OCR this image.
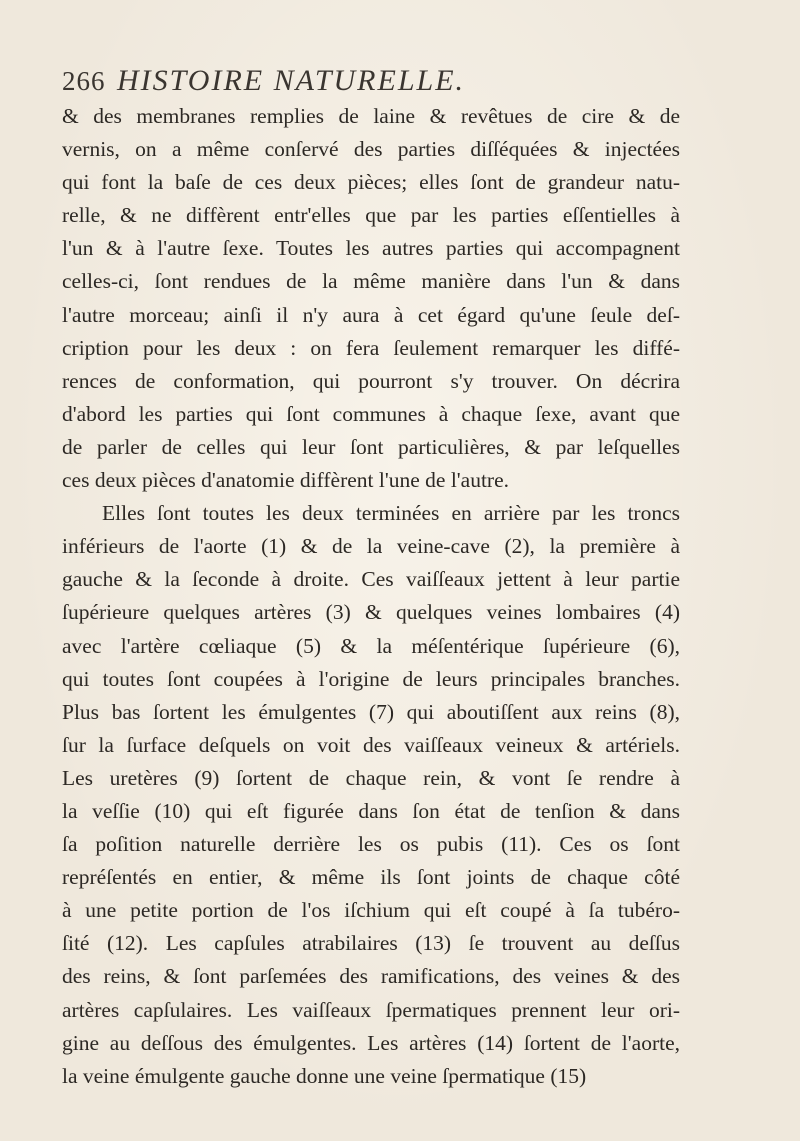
266 HISTOIRE NATURELLE.
& des membranes remplies de laine & revêtues de cire & de
vernis, on a même conſervé des parties diſſéquées & injectées
qui font la baſe de ces deux pièces; elles ſont de grandeur natu-
relle, & ne diffèrent entr'elles que par les parties eſſentielles à
l'un & à l'autre ſexe. Toutes les autres parties qui accompagnent
celles-ci, ſont rendues de la même manière dans l'un & dans
l'autre morceau; ainſi il n'y aura à cet égard qu'une ſeule deſ-
cription pour les deux : on fera ſeulement remarquer les diffé-
rences de conformation, qui pourront s'y trouver. On décrira
d'abord les parties qui ſont communes à chaque ſexe, avant que
de parler de celles qui leur ſont particulières, & par leſquelles
ces deux pièces d'anatomie diffèrent l'une de l'autre.
Elles ſont toutes les deux terminées en arrière par les troncs
inférieurs de l'aorte (1) & de la veine-cave (2), la première à
gauche & la ſeconde à droite. Ces vaiſſeaux jettent à leur partie
ſupérieure quelques artères (3) & quelques veines lombaires (4)
avec l'artère cœliaque (5) & la méſentérique ſupérieure (6),
qui toutes ſont coupées à l'origine de leurs principales branches.
Plus bas ſortent les émulgentes (7) qui aboutiſſent aux reins (8),
ſur la ſurface deſquels on voit des vaiſſeaux veineux & artériels.
Les uretères (9) ſortent de chaque rein, & vont ſe rendre à
la veſſie (10) qui eſt figurée dans ſon état de tenſion & dans
ſa poſition naturelle derrière les os pubis (11). Ces os ſont
repréſentés en entier, & même ils ſont joints de chaque côté
à une petite portion de l'os iſchium qui eſt coupé à ſa tubéro-
ſité (12). Les capſules atrabilaires (13) ſe trouvent au deſſus
des reins, & ſont parſemées des ramifications, des veines & des
artères capſulaires. Les vaiſſeaux ſpermatiques prennent leur ori-
gine au deſſous des émulgentes. Les artères (14) ſortent de l'aorte,
la veine émulgente gauche donne une veine ſpermatique (15)
